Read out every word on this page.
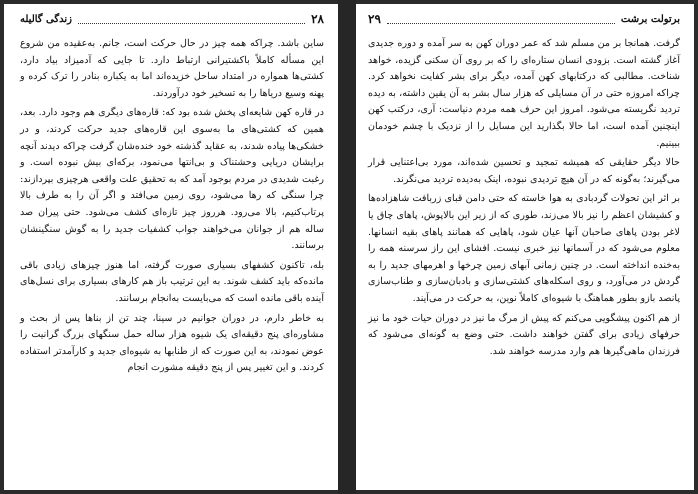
۲۸
زندگی گالیله

ساین باشد. چراکه همه چیز در حال حرکت است، جانم. به‌عقیده من شروع این مسأله کاملاً باکشتیرانی ارتباط دارد. تا جایی که آدمیزاد بیاد دارد، کشتی‌ها همواره در امتداد ساحل خزیده‌اند اما به یکباره بنادر را ترک کرده و پهنه وسیع دریاها را به تسخیر خود درآوردند.

در قاره کهن شایعه‌ای پخش شده بود که: قاره‌های دیگری هم وجود دارد. بعد، همین که کشتی‌های ما به‌سوی این قاره‌های جدید حرکت کردند، و در خشکی‌ها پیاده شدند، به عقاید گذشته خود خنده‌شان گرفت چراکه دیدند آنچه برایشان دریایی وحشتناک و بی‌انتها می‌نمود، برکه‌ای بیش نبوده است. و رغبت شدیدی در مردم بوجود آمد که به تحقیق علت واقعی هرچیزی بپردازند: چرا سنگی که رها می‌شود، روی زمین می‌افتد و اگر آن را به طرف بالا پرتاب‌کنیم، بالا می‌رود. هرروز چیز تازه‌ای کشف می‌شود. حتی پیران صد ساله هم از جوانان می‌خواهند جواب کشفیات جدید را به گوش سنگینشان برسانند.

بله، تاکنون کشفهای بسیاری صورت گرفته، اما هنوز چیزهای زیادی باقی مانده‌که باید کشف شوند. به این ترتیب باز هم کارهای بسیاری برای نسل‌های آینده باقی مانده است که می‌بایست به‌انجام برسانند.

به خاطر دارم، در دوران جوانیم در سینا، چند تن از بناها پس از بحث و مشاوره‌ای پنج دقیقه‌ای یک شیوه هزار ساله حمل سنگهای بزرگ گرانیت را عوض نمودند، به این صورت که از طنابها به شیوه‌ای جدید و کارآمدتر استفاده کردند. و این تغییر پس از پنج دقیقه مشورت انجام

برتولت برشت
۲۹

گرفت. همانجا بر من مسلم شد که عمر دوران کهن به سر آمده و دوره جدیدی آغاز گشته است. بزودی انسان ستاره‌ای را که بر روی آن سکنی گزیده، خواهد شناخت. مطالبی که درکتابهای کهن آمده، دیگر برای بشر کفایت نخواهد کرد. چراکه امروزه حتی در آن مسایلی که هزار سال بشر به آن یقین داشته، به دیده تردید نگریسته می‌شود. امروز این حرف همه مردم دنیاست: آری، درکتب کهن اینچنین آمده است، اما حالا بگذارید این مسایل را از نزدیک با چشم خودمان ببینیم.

حالا دیگر حقایقی که همیشه تمجید و تحسین شده‌اند، مورد بی‌اعتنایی قرار می‌گیرند؛ به‌گونه که در آن هیچ تردیدی نبوده، اینک به‌دیده تردید می‌نگرند.

بر اثر این تحولات گردبادی به هوا خاسته که حتی دامن قبای زربافت شاهزاده‌ها و کشیشان اعظم را نیز بالا می‌زند، طوری که از زیر این بالاپوش، پاهای چاق یا لاغر بودن پاهای صاحبان آنها عیان شود، پاهایی که همانند پاهای بقیه انسانها. معلوم می‌شود که در آسمانها نیز خبری نیست. افشای این راز سرسنه همه را به‌خنده انداخته است. در چنین زمانی آبهای زمین چرخها و اهرمهای جدید را به گردش در می‌آورد، و روی اسکله‌های کشتی‌سازی و بادبان‌سازی و طناب‌سازی پانصد بازو بطور هماهنگ با شیوه‌ای کاملاً نوین، به حرکت در می‌آیند.

از هم اکنون پیشگویی می‌کنم که پیش از مرگ ما نیز در دوران حیات خود ما نیز حرفهای زیادی برای گفتن خواهند داشت. حتی وضع به گونه‌ای می‌شود که فرزندان ماهی‌گیرها هم وارد مدرسه خواهند شد.
